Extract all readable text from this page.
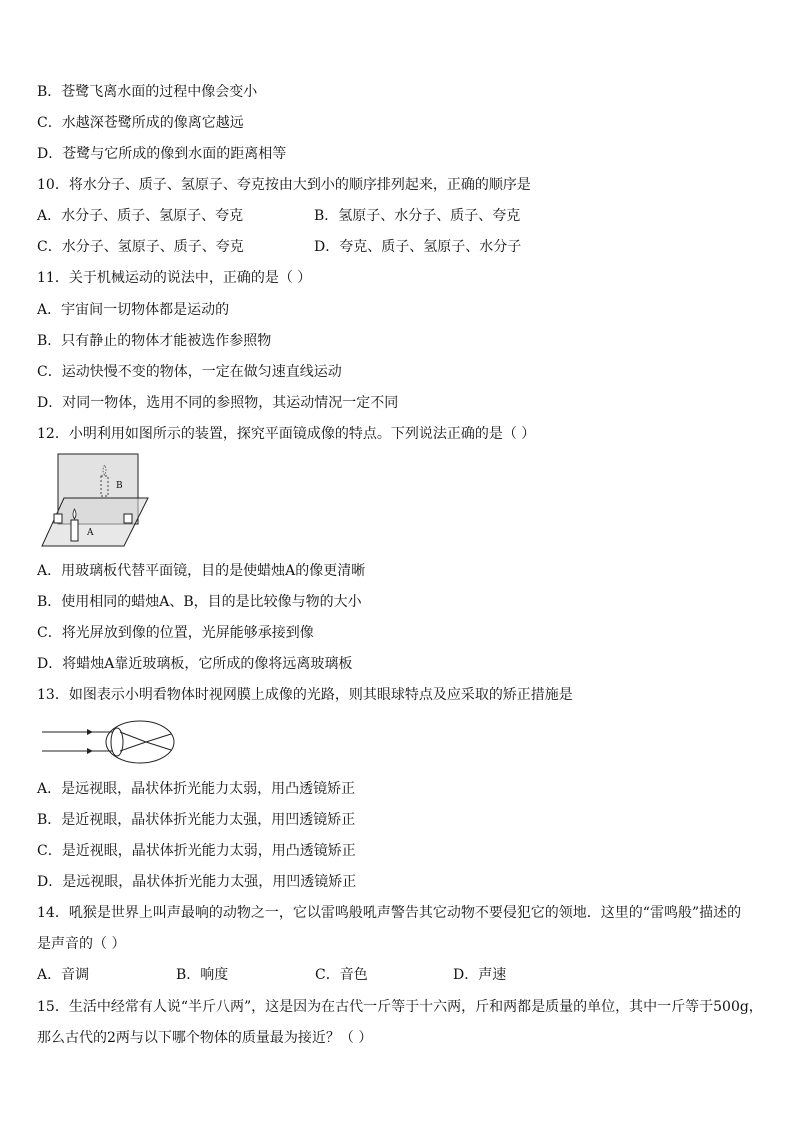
B．苍鹭飞离水面的过程中像会变小
C．水越深苍鹭所成的像离它越远
D．苍鹭与它所成的像到水面的距离相等
10．将水分子、质子、氢原子、夸克按由大到小的顺序排列起来，正确的顺序是
A．水分子、质子、氢原子、夸克	B．氢原子、水分子、质子、夸克
C．水分子、氢原子、质子、夸克	D．夸克、质子、氢原子、水分子
11．关于机械运动的说法中，正确的是（ ）
A．宇宙间一切物体都是运动的
B．只有静止的物体才能被选作参照物
C．运动快慢不变的物体，一定在做匀速直线运动
D．对同一物体，选用不同的参照物，其运动情况一定不同
12．小明利用如图所示的装置，探究平面镜成像的特点。下列说法正确的是（ ）
B
A
A．用玻璃板代替平面镜，目的是使蜡烛A的像更清晰
B．使用相同的蜡烛A、B，目的是比较像与物的大小
C．将光屏放到像的位置，光屏能够承接到像
D．将蜡烛A靠近玻璃板，它所成的像将远离玻璃板
13．如图表示小明看物体时视网膜上成像的光路，则其眼球特点及应采取的矫正措施是
A．是远视眼，晶状体折光能力太弱，用凸透镜矫正
B．是近视眼，晶状体折光能力太强，用凹透镜矫正
C．是近视眼，晶状体折光能力太弱，用凸透镜矫正
D．是远视眼，晶状体折光能力太强，用凹透镜矫正
14．吼猴是世界上叫声最响的动物之一，它以雷鸣般吼声警告其它动物不要侵犯它的领地．这里的“雷鸣般”描述的
是声音的（ ）
A．音调	B．响度	C．音色	D．声速
15．生活中经常有人说“半斤八两”，这是因为在古代一斤等于十六两，斤和两都是质量的单位，其中一斤等于500g，
那么古代的2两与以下哪个物体的质量最为接近？（ ）
